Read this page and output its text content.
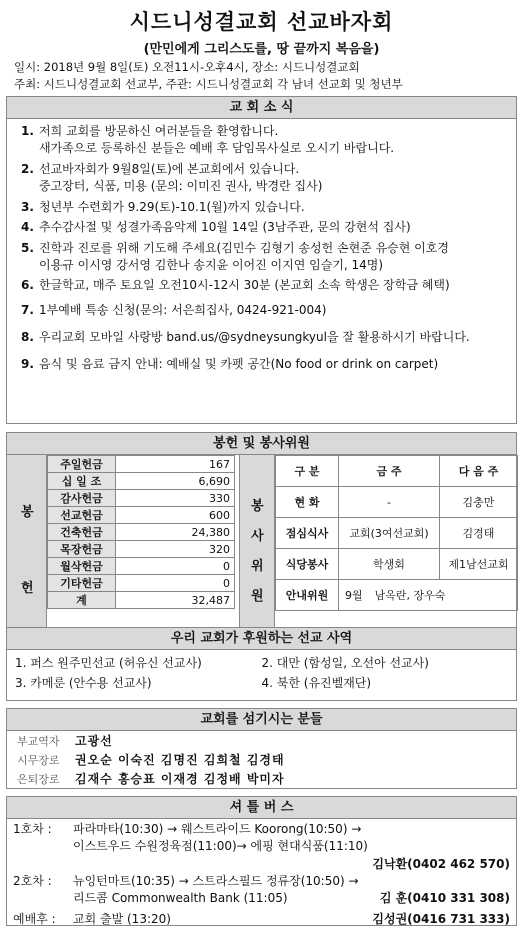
시드니성결교회 선교바자회
(만민에게 그리스도를, 땅 끝까지 복음을)
일시: 2018년 9월 8일(토) 오전11시-오후4시, 장소: 시드니성결교회
주최: 시드니성결교회 선교부, 주관: 시드니성결교회 각 남녀 선교회 및 청년부
교 회 소 식
1. 저희 교회를 방문하신 여러분들을 환영합니다.
새가족으로 등록하신 분들은 예배 후 담임목사실로 오시기 바랍니다.
2. 선교바자회가 9월8일(토)에 본교회에서 있습니다.
중고장터, 식품, 미용 (문의: 이미진 권사, 박경란 집사)
3. 청년부 수련회가 9.29(토)-10.1(월)까지 있습니다.
4. 추수감사절 및 성결가족음악제 10월 14일 (3남주관, 문의 강현석 집사)
5. 진학과 진로를 위해 기도해 주세요(김민수 김형기 송성헌 손현준 유승현 이호경
이용규 이시영 강서영 김한나 송지윤 이어진 이지연 임슬기, 14명)
6. 한글학교, 매주 토요일 오전10시-12시 30분 (본교회 소속 학생은 장학금 혜택)
7. 1부예배 특송 신청(문의: 서은희집사, 0424-921-004)
8. 우리교회 모바일 사랑방 band.us/@sydneysungkyul을 잘 활용하시기 바랍니다.
9. 음식 및 음료 금지 안내: 예배실 및 카펫 공간(No food or drink on carpet)
봉헌 및 봉사위원
봉
헌
주일헌금	167
십 일 조	6,690
감사헌금	330
선교헌금	600
건축헌금	24,380
목장헌금	320
월삭헌금	0
기타헌금	0
계	32,487
봉
사
위
원
구 분	금 주	다 음 주
현 화	-	김충만
점심식사	교회(3여선교회)	김경태
식당봉사	학생회	제1남선교회
안내위원	9월 남옥란, 장우숙	
우리 교회가 후원하는 선교 사역
1. 퍼스 원주민선교 (허유신 선교사)	2. 대만 (함성일, 오선아 선교사)
3. 카메룬 (안수용 선교사)	4. 북한 (유진벨재단)
교회를 섬기시는 분들
부교역자	고광선
시무장로	권오순 이숙진 김명진 김희철 김경태
은퇴장로	김재수 홍승표 이재경 김정배 박미자
셔 틀 버 스
1호차 :	파라마타(10:30) → 웨스트라이드 Koorong(10:50) →
이스트우드 수원정육점(11:00)→ 에핑 현대식품(11:10)
김낙환(0402 462 570)
2호차 :	뉴잉턴마트(10:35) → 스트라스필드 정류장(10:50) →
리드콤 Commonwealth Bank (11:05)	김 훈(0410 331 308)
예배후 :	교회 출발 (13:20)	김성권(0416 731 333)
